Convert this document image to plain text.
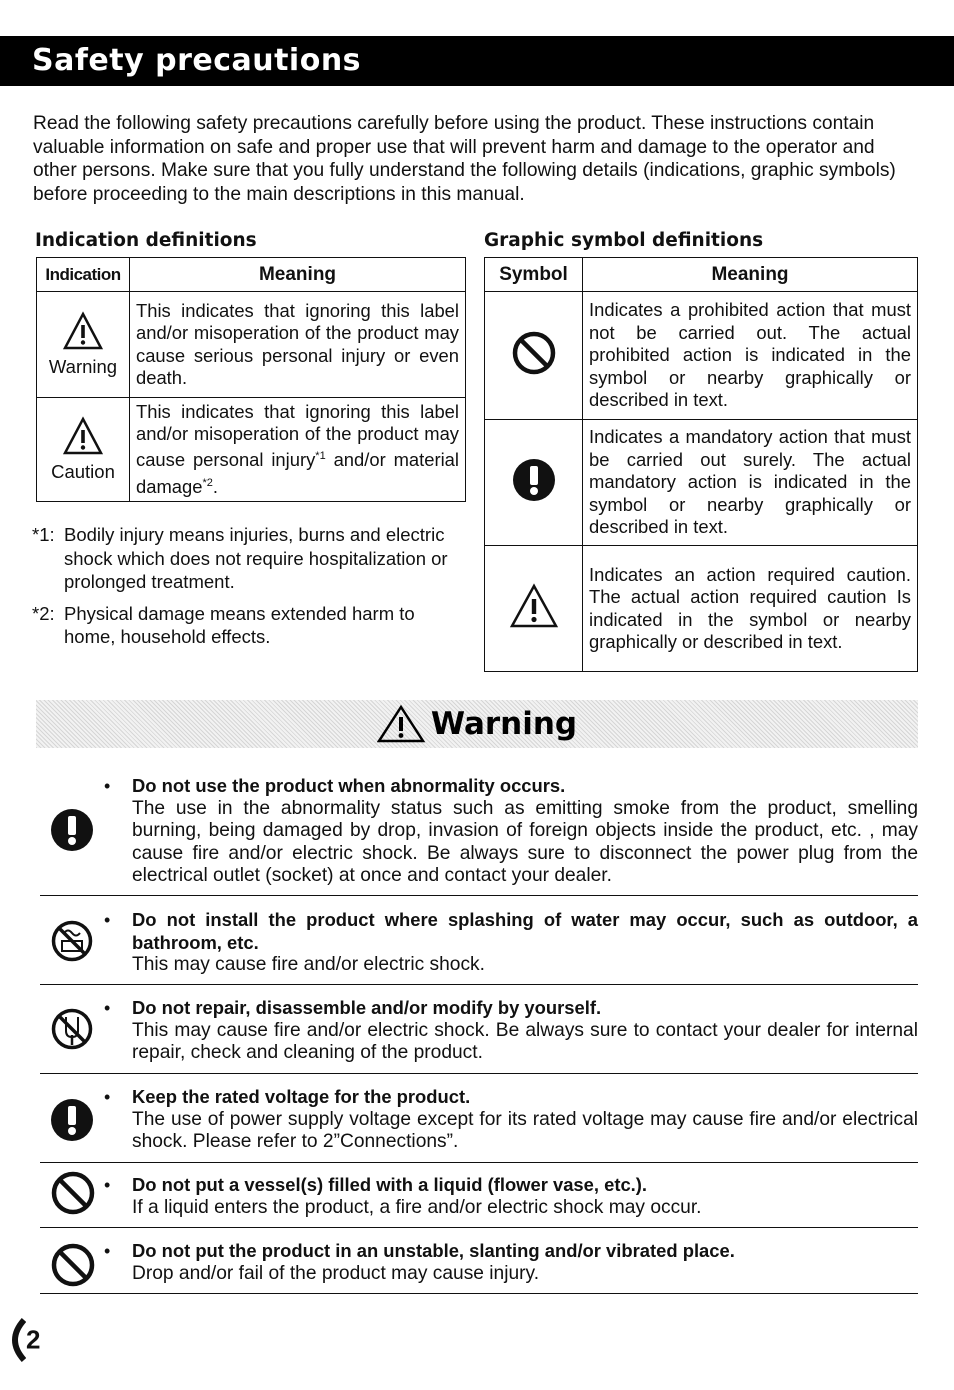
Safety precautions

Read the following safety precautions carefully before using the product. These instructions contain valuable information on safe and proper use that will prevent harm and damage to the operator and other persons. Make sure that you fully understand the following details (indications, graphic symbols) before proceeding to the main descriptions in this manual.

Indication definitions
Indication	Meaning

Warning	This indicates that ignoring this label and/or misoperation of the product may cause serious personal injury or even death.

Caution	This indicates that ignoring this label and/or misoperation of the product may cause personal injury$^{*1}$ and/or material damage$^{*2}$.
*1: Bodily injury means injuries, burns and electric shock which does not require hospitalization or prolonged treatment.
*2: Physical damage means extended harm to home, household effects.
Graphic symbol definitions
Symbol	Meaning
	Indicates a prohibited action that must not be carried out. The actual prohibited action is indicated in the symbol or nearby graphically or described in text.
	Indicates a mandatory action that must be carried out surely. The actual mandatory action is indicated in the symbol or nearby graphically or described in text.
	Indicates an action required caution. The actual action required caution Is indicated in the symbol or nearby graphically or described in text.
Warning
• Do not use the product when abnormality occurs.
The use in the abnormality status such as emitting smoke from the product, smelling burning, being damaged by drop, invasion of foreign objects inside the product, etc. , may cause fire and/or electric shock. Be always sure to disconnect the power plug from the electrical outlet (socket) at once and contact your dealer.
• Do not install the product where splashing of water may occur, such as outdoor, a bathroom, etc.
This may cause fire and/or electric shock.
• Do not repair, disassemble and/or modify by yourself.
This may cause fire and/or electric shock. Be always sure to contact your dealer for internal repair, check and cleaning of the product.
• Keep the rated voltage for the product.
The use of power supply voltage except for its rated voltage may cause fire and/or electrical shock. Please refer to 2”Connections”.
• Do not put a vessel(s) filled with a liquid (flower vase, etc.).
If a liquid enters the product, a fire and/or electric shock may occur.
• Do not put the product in an unstable, slanting and/or vibrated place.
Drop and/or fail of the product may cause injury.
2
